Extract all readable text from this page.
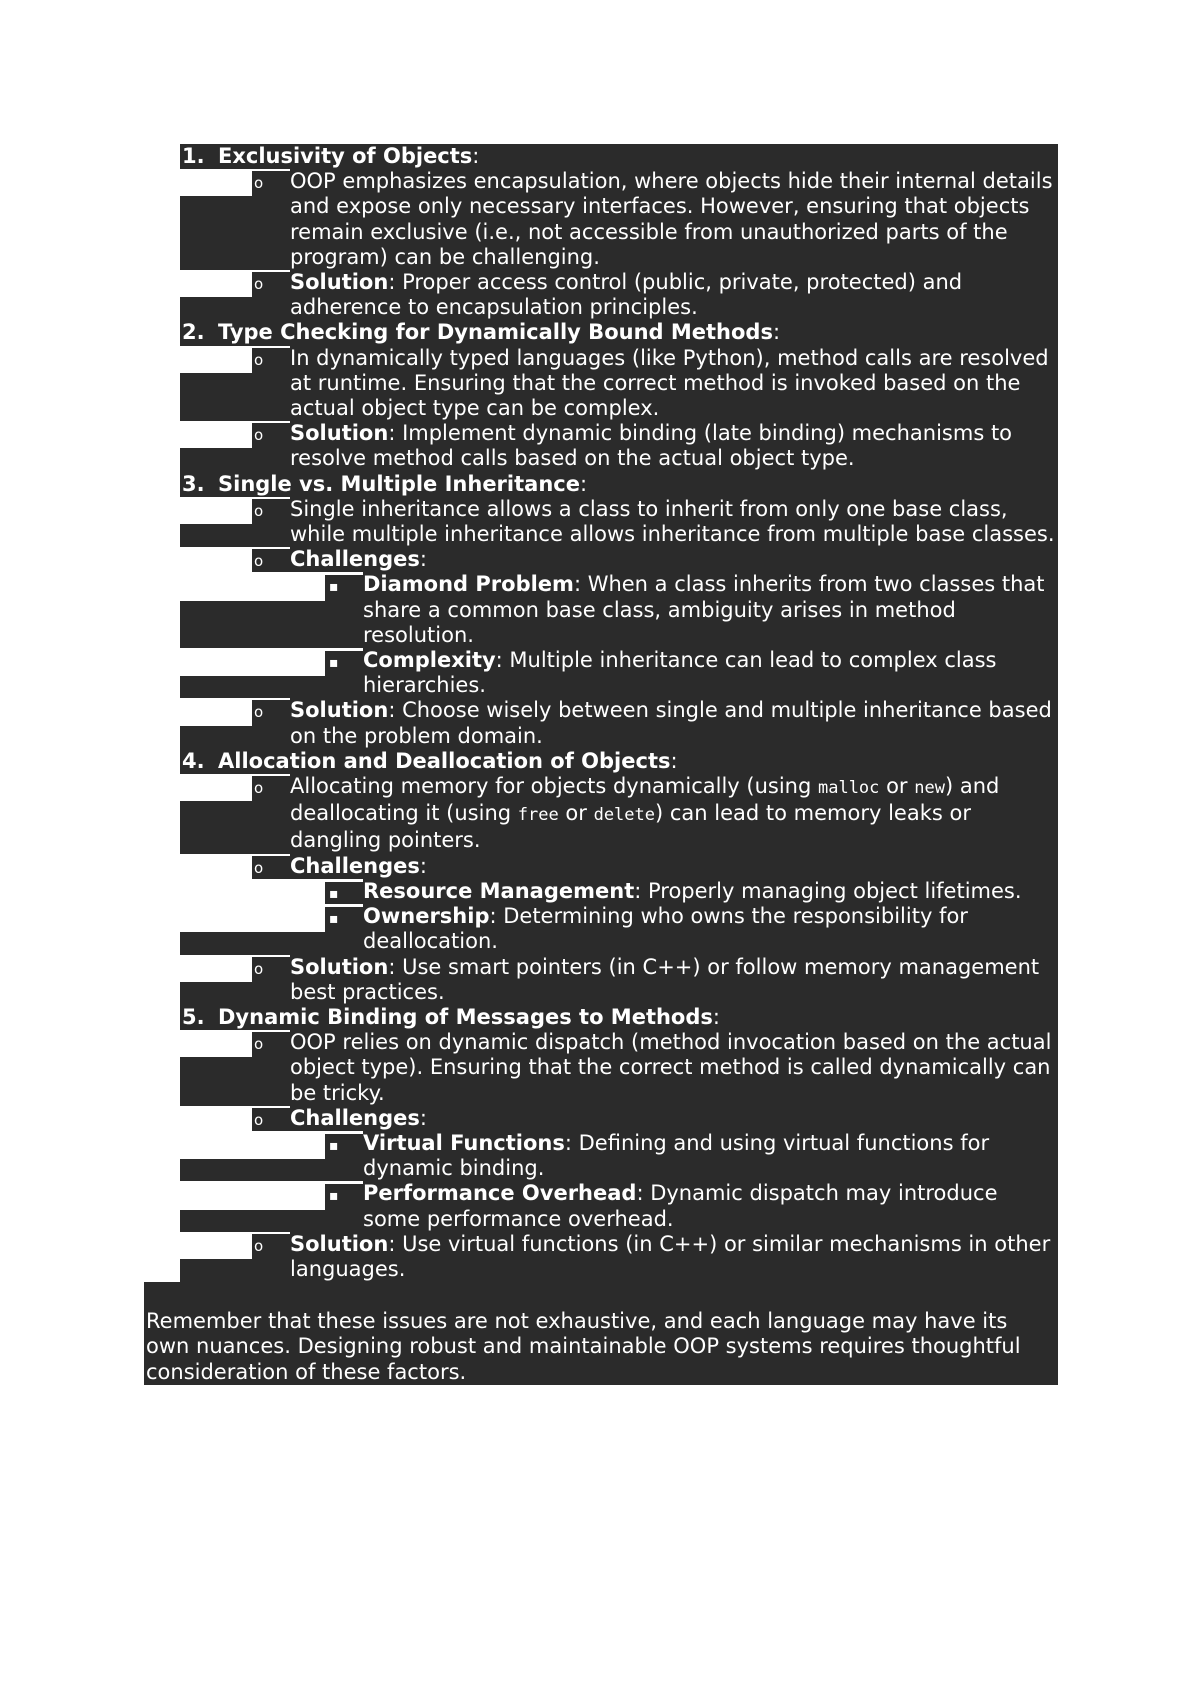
1. Exclusivity of Objects:
o	OOP emphasizes encapsulation, where objects hide their internal details and expose only necessary interfaces. However, ensuring that objects remain exclusive (i.e., not accessible from unauthorized parts of the program) can be challenging.
o	Solution: Proper access control (public, private, protected) and adherence to encapsulation principles.
2. Type Checking for Dynamically Bound Methods:
o	In dynamically typed languages (like Python), method calls are resolved at runtime. Ensuring that the correct method is invoked based on the actual object type can be complex.
o	Solution: Implement dynamic binding (late binding) mechanisms to resolve method calls based on the actual object type.
3. Single vs. Multiple Inheritance:
o	Single inheritance allows a class to inherit from only one base class, while multiple inheritance allows inheritance from multiple base classes.
o	Challenges:
▪	Diamond Problem: When a class inherits from two classes that share a common base class, ambiguity arises in method resolution.
▪	Complexity: Multiple inheritance can lead to complex class hierarchies.
o	Solution: Choose wisely between single and multiple inheritance based on the problem domain.
4. Allocation and Deallocation of Objects:
o	Allocating memory for objects dynamically (using malloc or new) and deallocating it (using free or delete) can lead to memory leaks or dangling pointers.
o	Challenges:
▪	Resource Management: Properly managing object lifetimes.
▪	Ownership: Determining who owns the responsibility for deallocation.
o	Solution: Use smart pointers (in C++) or follow memory management best practices.
5. Dynamic Binding of Messages to Methods:
o	OOP relies on dynamic dispatch (method invocation based on the actual object type). Ensuring that the correct method is called dynamically can be tricky.
o	Challenges:
▪	Virtual Functions: Defining and using virtual functions for dynamic binding.
▪	Performance Overhead: Dynamic dispatch may introduce some performance overhead.
o	Solution: Use virtual functions (in C++) or similar mechanisms in other languages.
Remember that these issues are not exhaustive, and each language may have its own nuances. Designing robust and maintainable OOP systems requires thoughtful consideration of these factors.
